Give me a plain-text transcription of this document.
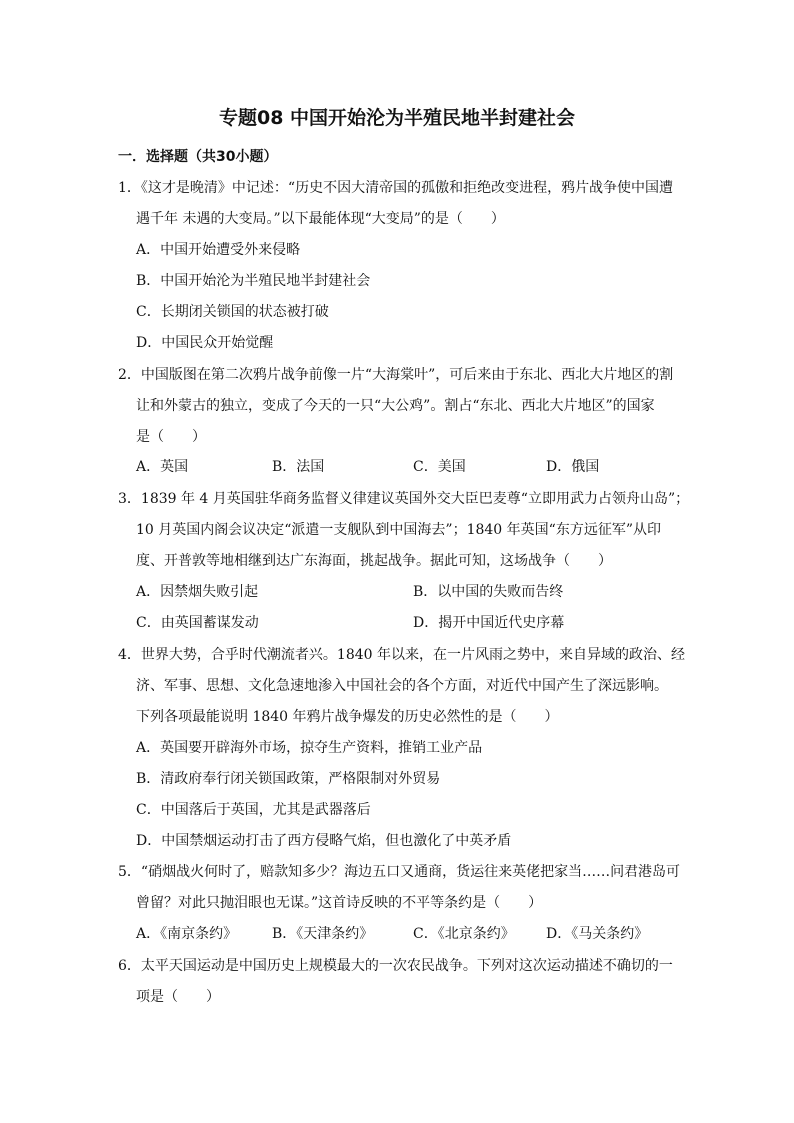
专题08 中国开始沦为半殖民地半封建社会
一．选择题（共30小题）
1．《这才是晚清》中记述：“历史不因大清帝国的孤傲和拒绝改变进程，鸦片战争使中国遭
遇千年 未遇的大变局。”以下最能体现“大变局”的是（　　）
A．中国开始遭受外来侵略
B．中国开始沦为半殖民地半封建社会
C．长期闭关锁国的状态被打破
D．中国民众开始觉醒
2．中国版图在第二次鸦片战争前像一片“大海棠叶”，可后来由于东北、西北大片地区的割
让和外蒙古的独立，变成了今天的一只“大公鸡”。割占“东北、西北大片地区”的国家
是（　　）
A．英国	B．法国	C．美国	D．俄国
3．1839 年 4 月英国驻华商务监督义律建议英国外交大臣巴麦尊“立即用武力占领舟山岛”；
10 月英国内阁会议决定“派遣一支舰队到中国海去”；1840 年英国“东方远征军”从印
度、开普敦等地相继到达广东海面，挑起战争。据此可知，这场战争（　　）
A．因禁烟失败引起	B．以中国的失败而告终
C．由英国蓄谋发动	D．揭开中国近代史序幕
4．世界大势，合乎时代潮流者兴。1840 年以来，在一片风雨之势中，来自异域的政治、经
济、军事、思想、文化急速地渗入中国社会的各个方面，对近代中国产生了深远影响。
下列各项最能说明 1840 年鸦片战争爆发的历史必然性的是（　　）
A．英国要开辟海外市场，掠夺生产资料，推销工业产品
B．清政府奉行闭关锁国政策，严格限制对外贸易
C．中国落后于英国，尤其是武器落后
D．中国禁烟运动打击了西方侵略气焰，但也激化了中英矛盾
5．“硝烟战火何时了，赔款知多少？海边五口又通商，货运往来英佬把家当……问君港岛可
曾留？对此只抛泪眼也无谋。”这首诗反映的不平等条约是（　　）
A．《南京条约》 B．《天津条约》	C．《北京条约》 D．《马关条约》
6．太平天国运动是中国历史上规模最大的一次农民战争。下列对这次运动描述不确切的一
项是（　　）
